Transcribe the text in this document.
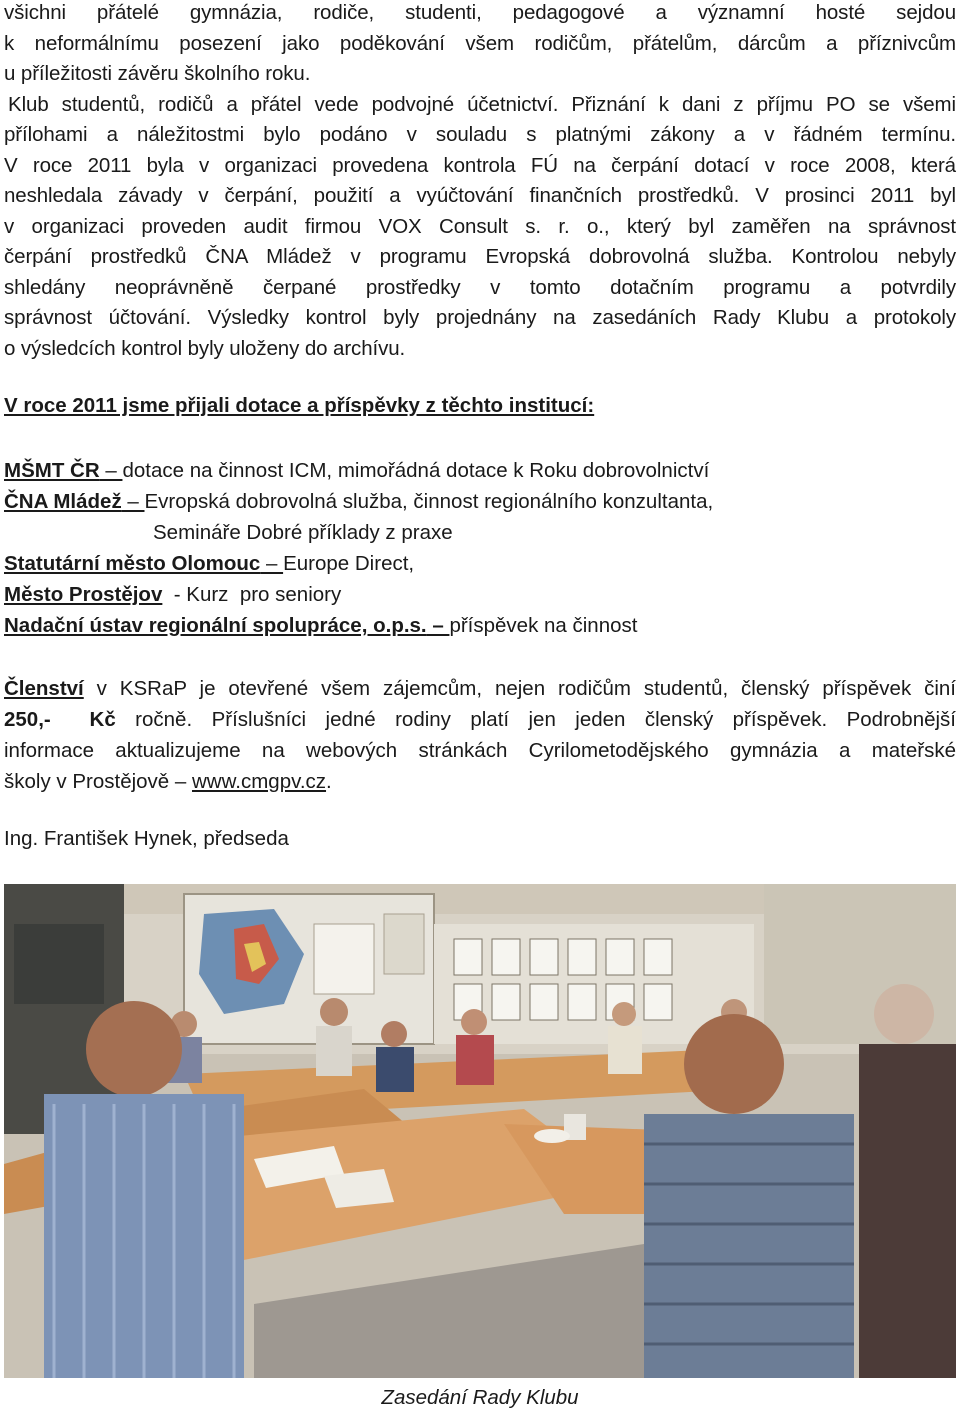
všichni přátelé gymnázia, rodiče, studenti, pedagogové a významní hosté sejdou
k neformálnímu posezení jako poděkování všem rodičům, přátelům, dárcům a příznivcům
u příležitosti závěru školního roku.
Klub studentů, rodičů a přátel vede podvojné účetnictví. Přiznání k dani z příjmu PO se všemi
přílohami a náležitostmi bylo podáno v souladu s platnými zákony a v řádném termínu.
V roce 2011 byla v organizaci provedena kontrola FÚ na čerpání dotací v roce 2008, která
neshledala závady v čerpání, použití a vyúčtování finančních prostředků. V prosinci 2011 byl
v organizaci proveden audit firmou VOX Consult s. r. o., který byl zaměřen na správnost
čerpání prostředků ČNA Mládež v programu Evropská dobrovolná služba. Kontrolou nebyly
shledány neoprávněně čerpané prostředky v tomto dotačním programu a potvrdily
správnost účtování. Výsledky kontrol byly projednány na zasedáních Rady Klubu a protokoly
o výsledcích kontrol byly uloženy do archívu.

V roce 2011 jsme přijali dotace a příspěvky z těchto institucí:

MŠMT ČR – dotace na činnost ICM, mimořádná dotace k Roku dobrovolnictví
ČNA Mládež – Evropská dobrovolná služba, činnost regionálního konzultanta,
Semináře Dobré příklady z praxe
Statutární město Olomouc – Europe Direct,
Město Prostějov  - Kurz  pro seniory
Nadační ústav regionální spolupráce, o.p.s. – příspěvek na činnost
Členství v KSRaP je otevřené všem zájemcům, nejen rodičům studentů, členský příspěvek činí
250,-  Kč ročně. Příslušníci jedné rodiny platí jen jeden členský příspěvek. Podrobnější
informace aktualizujeme na webových stránkách Cyrilometodějského gymnázia a mateřské
školy v Prostějově – www.cmgpv.cz.

Ing. František Hynek, předseda

Zasedání Rady Klubu
